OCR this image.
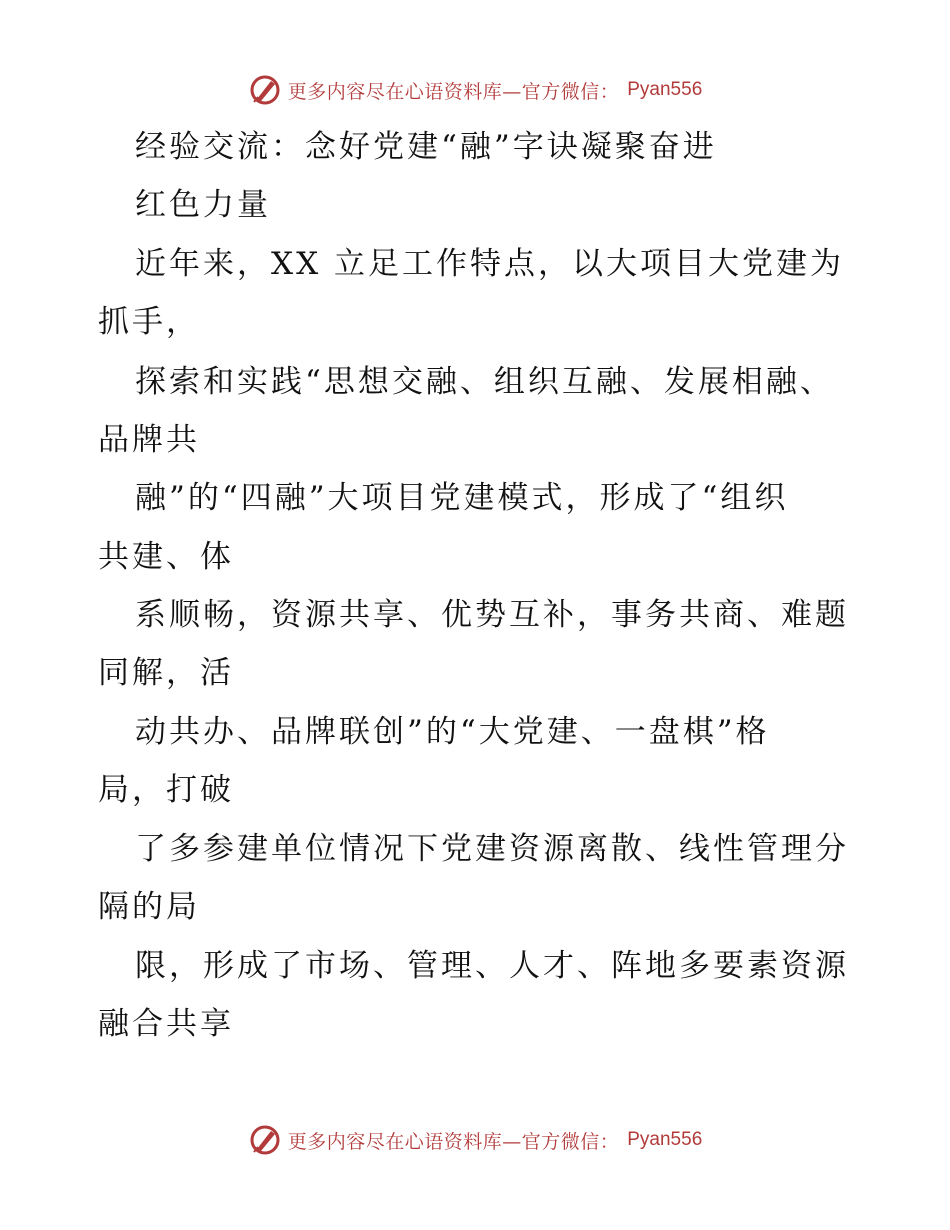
更多内容尽在心语资料库—官方微信： Pyan556
经验交流：念好党建“融”字诀凝聚奋进
红色力量
近年来，XX 立足工作特点，以大项目大党建为
抓手，
探索和实践“思想交融、组织互融、发展相融、
品牌共
融”的“四融”大项目党建模式，形成了“组织
共建、体
系顺畅，资源共享、优势互补，事务共商、难题
同解，活
动共办、品牌联创”的“大党建、一盘棋”格
局，打破
了多参建单位情况下党建资源离散、线性管理分
隔的局
限，形成了市场、管理、人才、阵地多要素资源
融合共享
更多内容尽在心语资料库—官方微信： Pyan556
